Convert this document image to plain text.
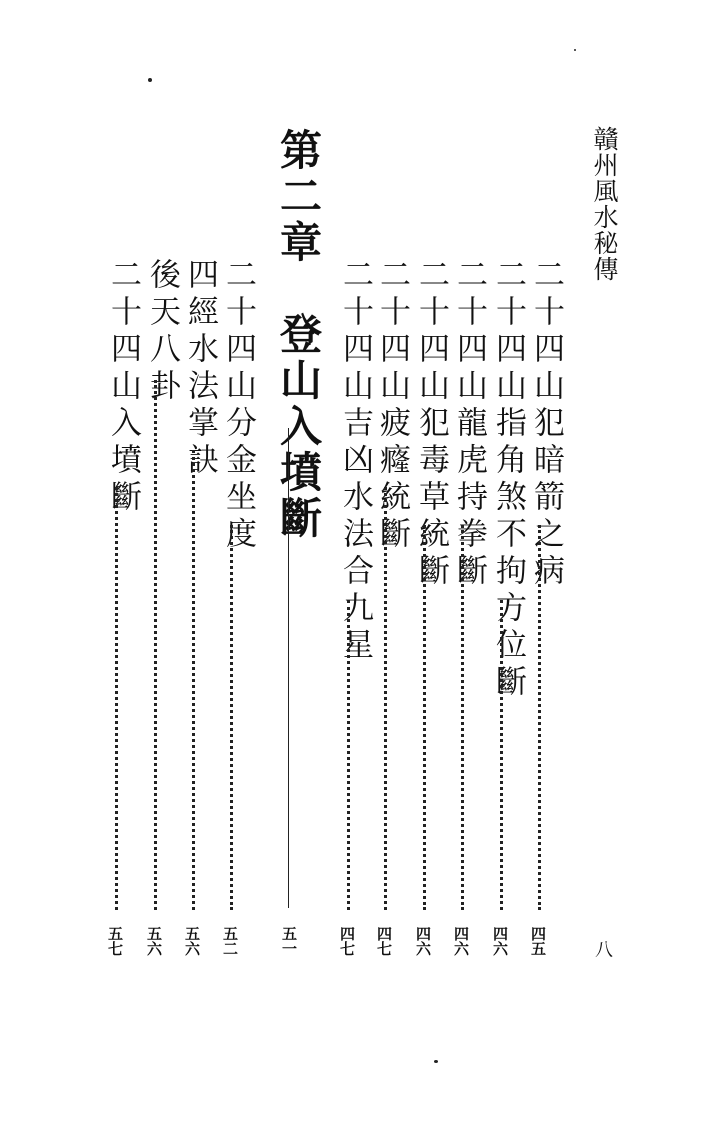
贛州風水秘傳
八
二十四山犯暗箭之病
四五
二十四山指角煞不拘方位斷
四六
二十四山龍虎持拳斷
四六
二十四山犯毒草統斷
四六
二十四山疲癃統斷
四七
二十四山吉凶水法合九星
四七
第二章　登山入墳斷
五一
二十四山分金坐度
五二
四經水法掌訣
五六
後天八卦
五六
二十四山入墳斷
五七
